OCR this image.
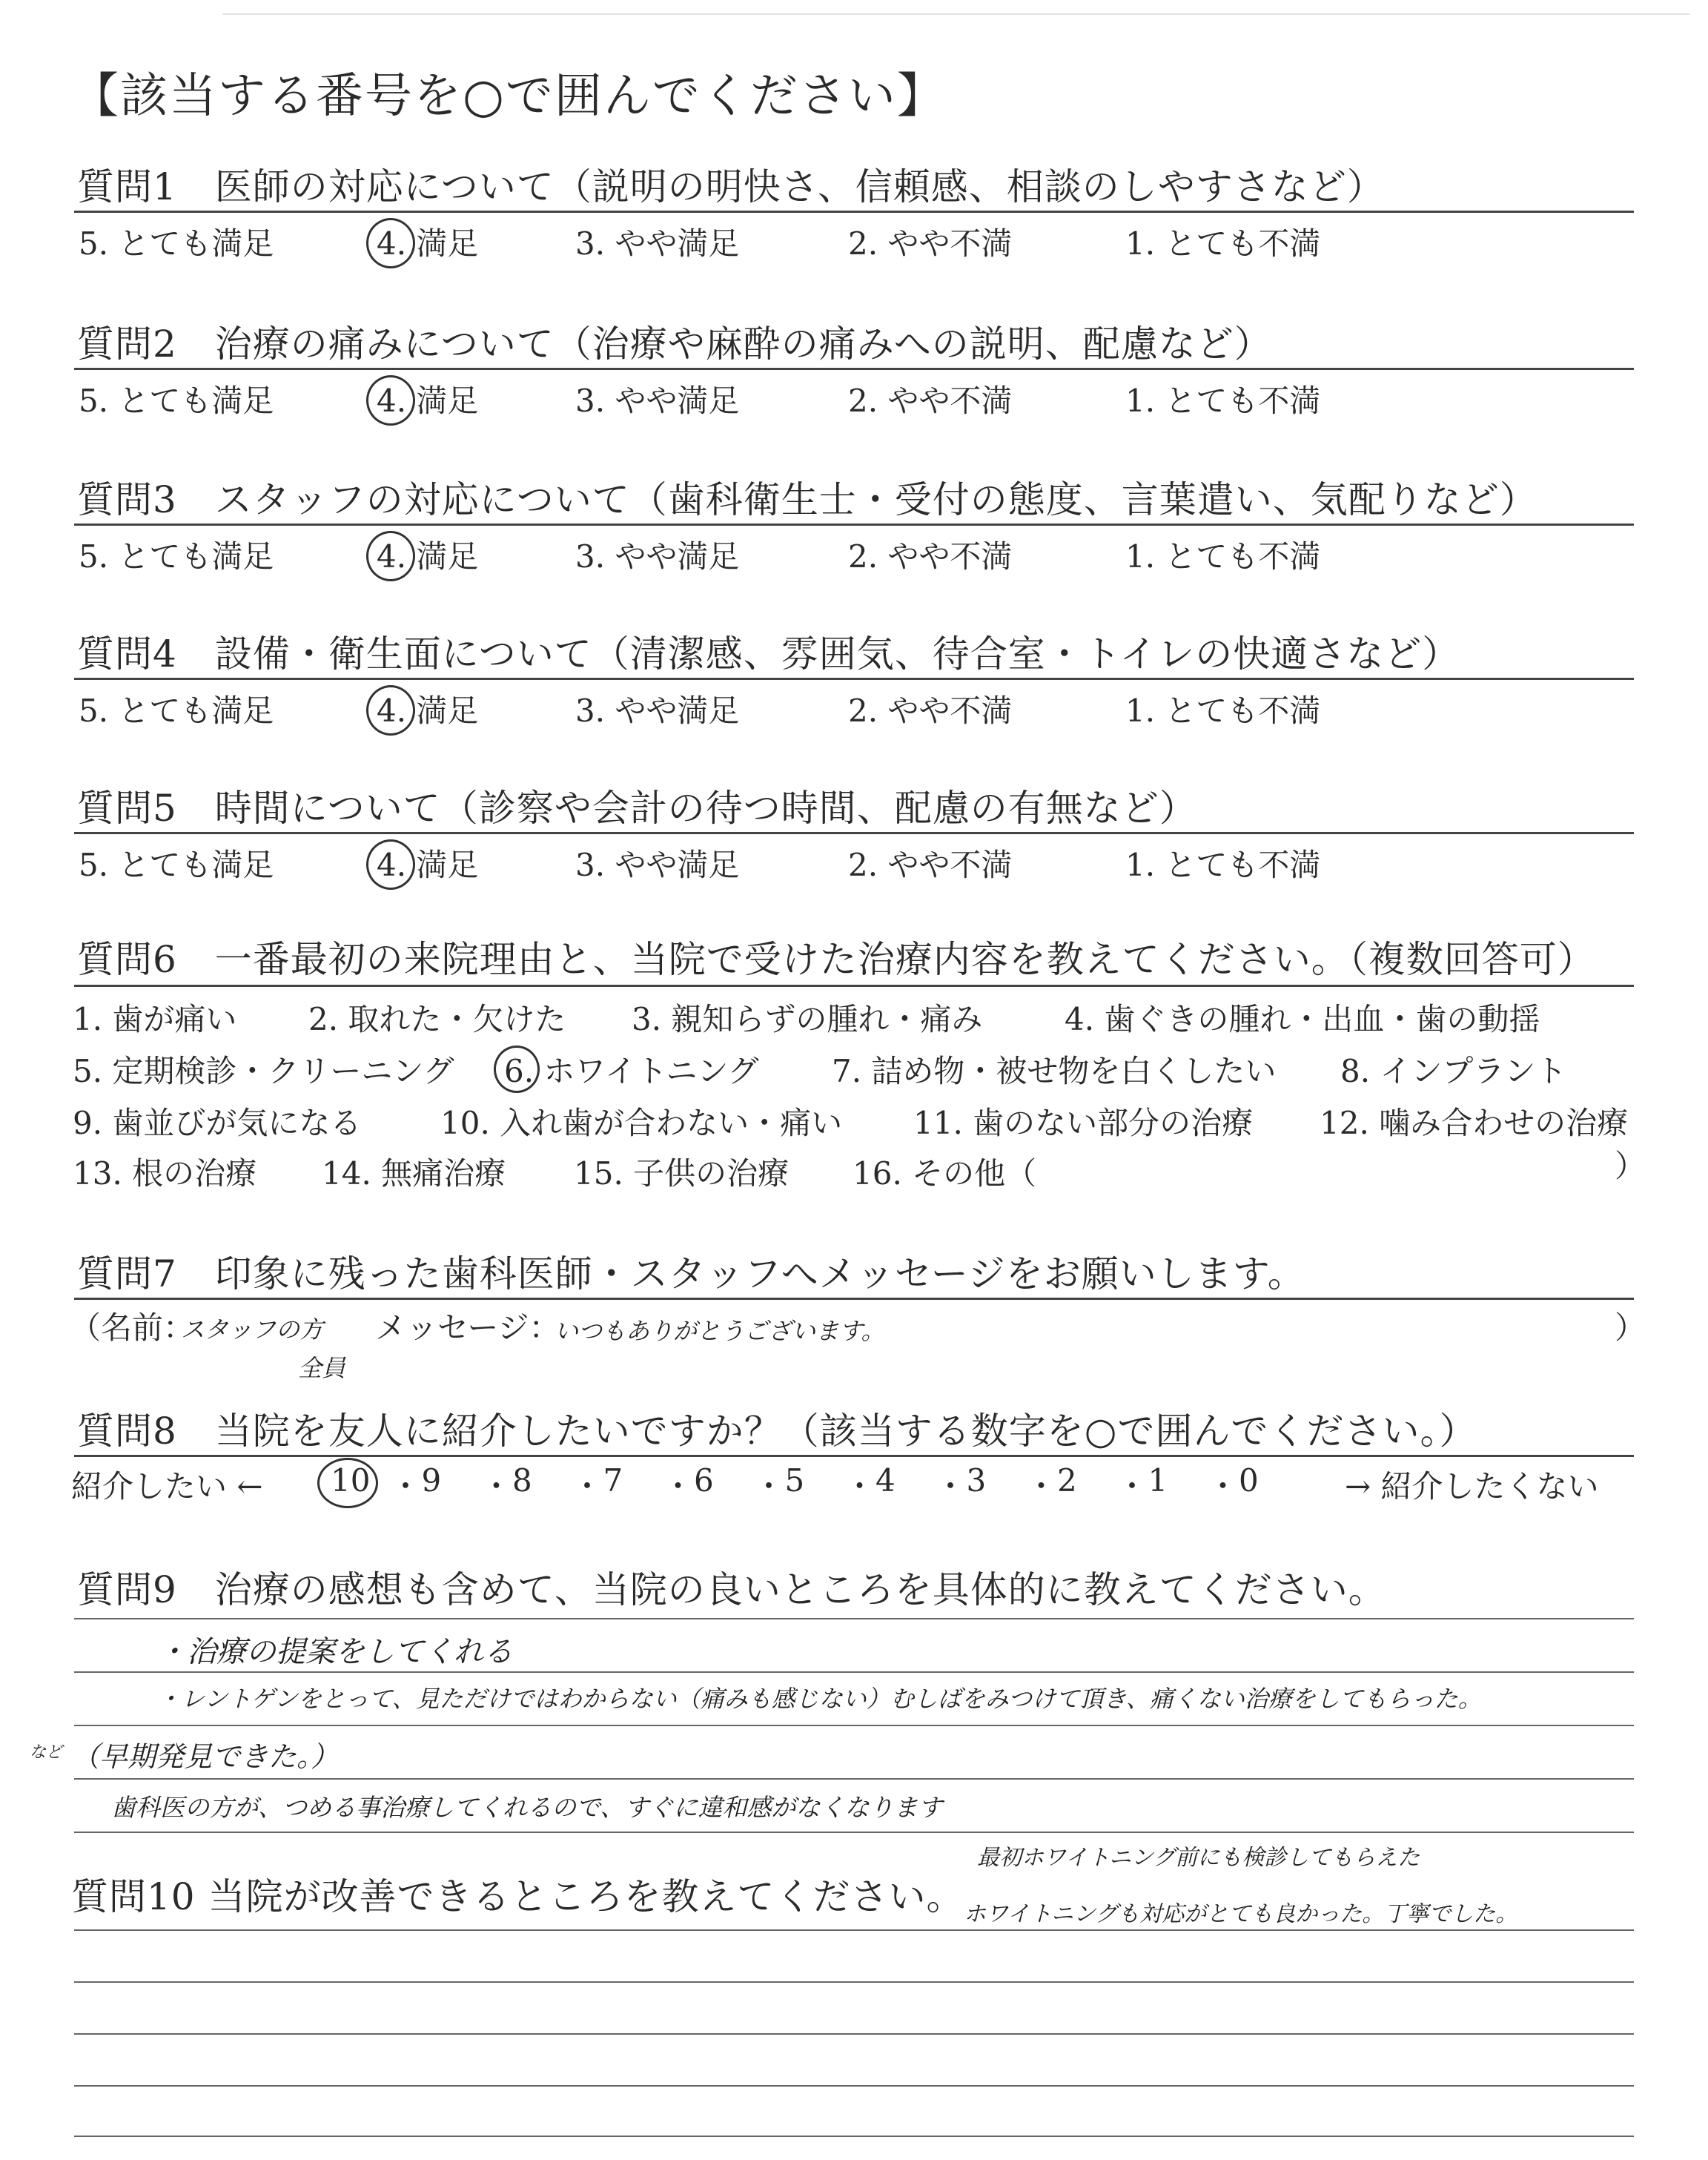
【該当する番号を○で囲んでください】
質問1　医師の対応について（説明の明快さ、信頼感、相談のしやすさなど）
5. とても満足	4. 満足	3. やや満足	2. やや不満	1. とても不満
質問2　治療の痛みについて（治療や麻酔の痛みへの説明、配慮など）
5. とても満足	4. 満足	3. やや満足	2. やや不満	1. とても不満
質問3　スタッフの対応について（歯科衛生士・受付の態度、言葉遣い、気配りなど）
5. とても満足	4. 満足	3. やや満足	2. やや不満	1. とても不満
質問4　設備・衛生面について（清潔感、雰囲気、待合室・トイレの快適さなど）
5. とても満足	4. 満足	3. やや満足	2. やや不満	1. とても不満
質問5　時間について（診察や会計の待つ時間、配慮の有無など）
5. とても満足	4. 満足	3. やや満足	2. やや不満	1. とても不満
質問6　一番最初の来院理由と、当院で受けた治療内容を教えてください。（複数回答可）
1. 歯が痛い 2. 取れた・欠けた 3. 親知らずの腫れ・痛み	4. 歯ぐきの腫れ・出血・歯の動揺
5. 定期検診・クリーニング 6. ホワイトニング 7. 詰め物・被せ物を白くしたい 8. インプラント
9. 歯並びが気になる	10. 入れ歯が合わない・痛い 11. 歯のない部分の治療 12. 噛み合わせの治療
13. 根の治療 14. 無痛治療 15. 子供の治療 16. その他（	）
質問7　印象に残った歯科医師・スタッフへメッセージをお願いします。
（名前：
スタッフの方
全員
メッセージ：
いつもありがとうございます。	）
質問8　当院を友人に紹介したいですか？（該当する数字を○で囲んでください。）
紹介したい ← 10 ・ 9 ・ 8 ・ 7 ・ 6 ・ 5 ・ 4 ・ 3 ・ 2 ・ 1 ・ 0	→ 紹介したくない
質問9　治療の感想も含めて、当院の良いところを具体的に教えてください。
・治療の提案をしてくれる
・レントゲンをとって、見ただけではわからない（痛みも感じない）むしばをみつけて頂き、痛くない治療をしてもらった。
など （早期発見できた。）
歯科医の方が、つめる事治療してくれるので、すぐに違和感がなくなります
質問10 当院が改善できるところを教えてください。
最初ホワイトニング前にも検診してもらえた
ホワイトニングも対応がとても良かった。丁寧でした。
